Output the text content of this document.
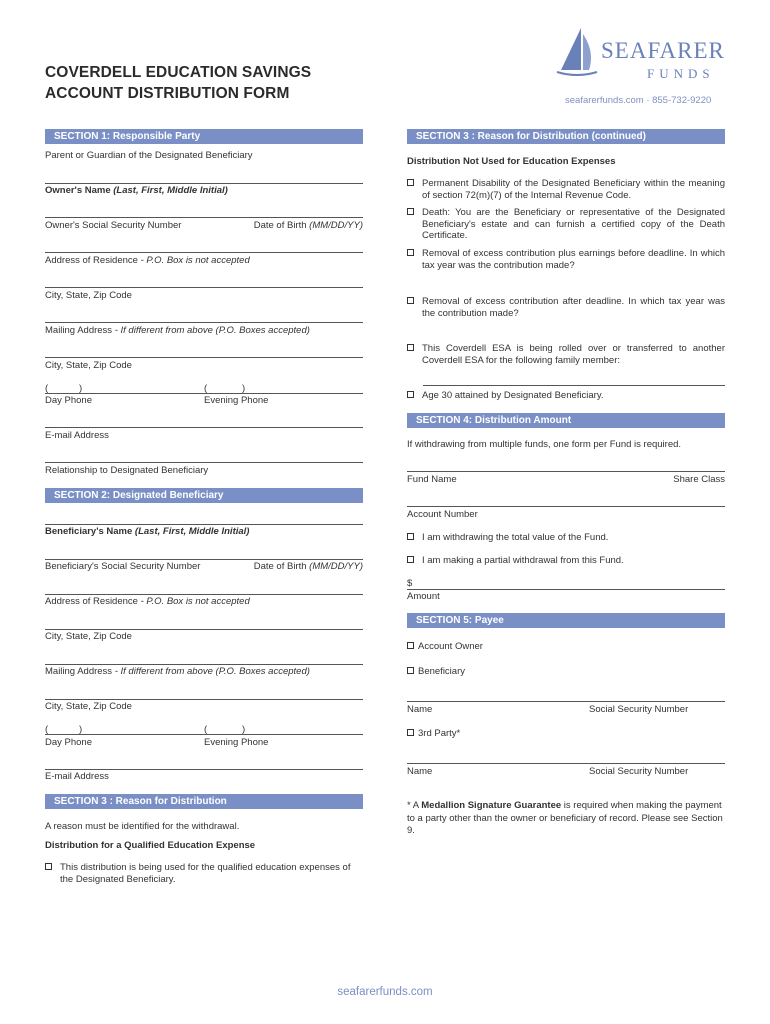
COVERDELL EDUCATION SAVINGS
ACCOUNT DISTRIBUTION FORM
SEAFARER
FUNDS
seafarerfunds.com · 855-732-9220
SECTION 1: Responsible Party
Parent or Guardian of the Designated Beneficiary
Owner's Name (Last, First, Middle Initial)
Owner's Social Security Number	Date of Birth (MM/DD/YY)
Address of Residence - P.O. Box is not accepted
City, State, Zip Code
Mailing Address - If different from above (P.O. Boxes accepted)
City, State, Zip Code
(	)	(	)
Day Phone	Evening Phone
E-mail Address
Relationship to Designated Beneficiary
SECTION 2: Designated Beneficiary
Beneficiary's Name (Last, First, Middle Initial)
Beneficiary's Social Security Number	Date of Birth (MM/DD/YY)
Address of Residence - P.O. Box is not accepted
City, State, Zip Code
Mailing Address - If different from above (P.O. Boxes accepted)
City, State, Zip Code
(	)	(	)
Day Phone	Evening Phone
E-mail Address
SECTION 3 : Reason for Distribution
A reason must be identified for the withdrawal.
Distribution for a Qualified Education Expense
This distribution is being used for the qualified education expenses of the Designated Beneficiary.
SECTION 3 : Reason for Distribution (continued)
Distribution Not Used for Education Expenses
Permanent Disability of the Designated Beneficiary within the meaning of section 72(m)(7) of the Internal Revenue Code.
Death: You are the Beneficiary or representative of the Designated Beneficiary's estate and can furnish a certified copy of the Death Certificate.
Removal of excess contribution plus earnings before deadline. In which tax year was the contribution made?
Removal of excess contribution after deadline. In which tax year was the contribution made?
This Coverdell ESA is being rolled over or transferred to another Coverdell ESA for the following family member:
Age 30 attained by Designated Beneficiary.
SECTION 4: Distribution Amount
If withdrawing from multiple funds, one form per Fund is required.
Fund Name	Share Class
Account Number
I am withdrawing the total value of the Fund.
I am making a partial withdrawal from this Fund.
$
Amount
SECTION 5: Payee
Account Owner
Beneficiary
Name	Social Security Number
3rd Party*
Name	Social Security Number
* A Medallion Signature Guarantee is required when making the payment to a party other than the owner or beneficiary of record. Please see Section 9.
seafarerfunds.com
